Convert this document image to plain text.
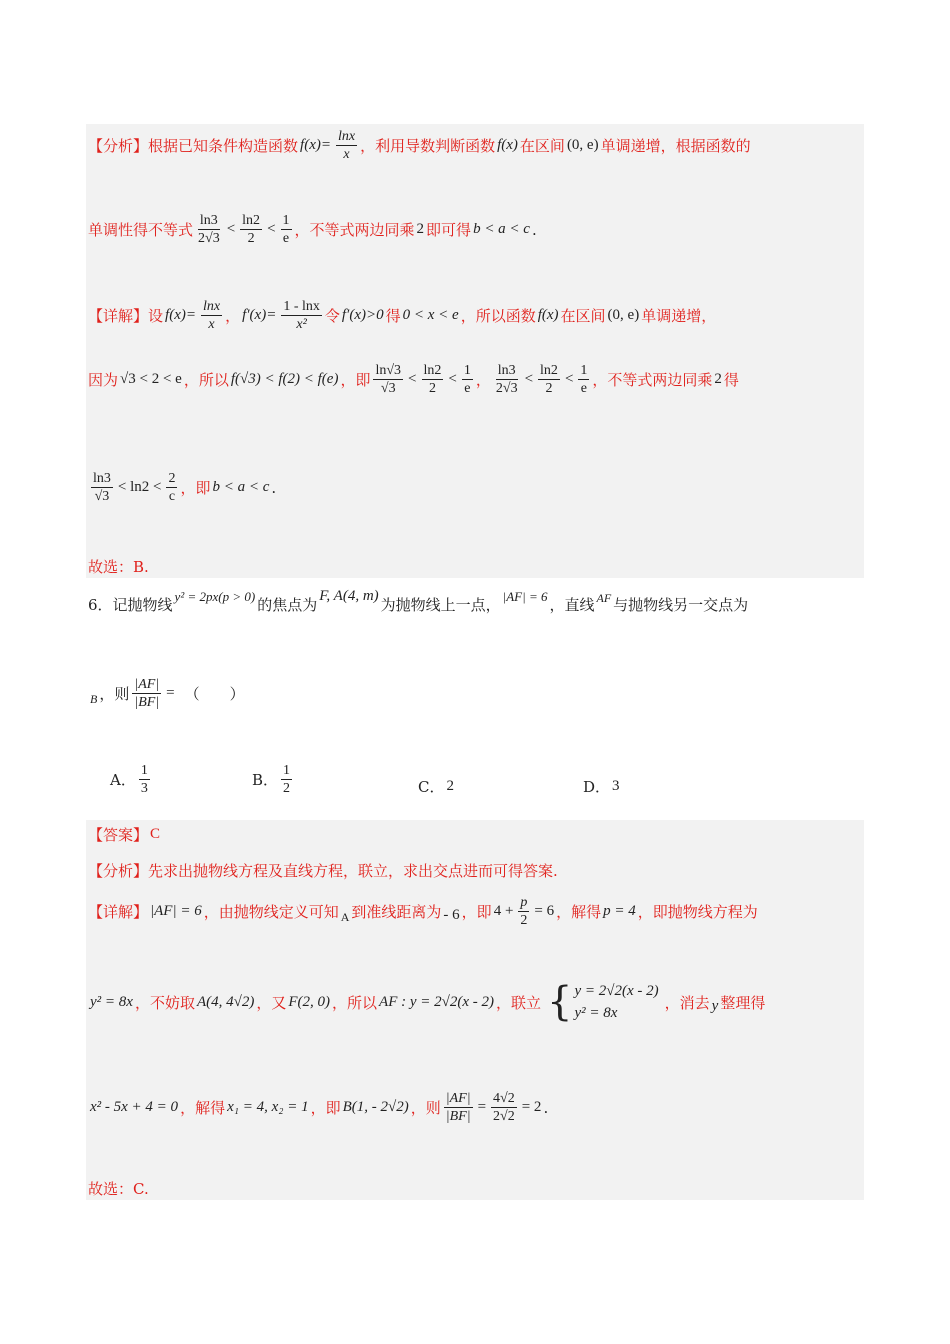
【分析】 根据已知条件构造函数 $f(x)= \frac{\ln x}{x}$ ，利用导数判断函数 f(x) 在区间 (0, e) 单调递增，根据函数的
单调性得不等式 $\frac{\ln 3}{2√3} < \frac{\ln 2}{2} < \frac{1}{e}$ ，不等式两边同乘 2 即可得 b < a < c .
【详解】 设 $f(x)= \frac{\ln x}{x}$ ， $f'(x)= \frac{1 - \ln x}{\text{x²}}$ 令 f′(x)>0 得 0 < x < e ，所以函数 f(x) 在区间 (0, e) 单调递增，
因为 √3 < 2 < e ，所以 f(√3) < f(2) < f(e) ，即 $\frac{\ln√3}{√3} < \frac{\ln 2}{2} < \frac{1}{e}$ ， $\frac{\ln 3}{2√3} < \frac{\ln 2}{2} < \frac{1}{e}$ ，不等式两边同乘 2 得
$\frac{\ln 3}{√3} < \ln 2 < \frac{2}{c}$ ，即 b < a < c .
故选：B.
6．记抛物线 y² = 2px(p > 0) 的焦点为 F, A(4, m) 为抛物线上一点， |AF| = 6 ，直线 AF 与抛物线另一交点为
B ，则 $\frac{|AF|}{|BF|}$ = （　　）
A． $\frac{1}{3}$	B． $\frac{1}{2}$	C． 2	D． 3
【答案】 C
【分析】 先求出抛物线方程及直线方程，联立，求出交点进而可得答案.
【详解】 |AF| = 6 ，由抛物线定义可知 A 到准线距离为 - 6 ，即 $4 + \frac{p}{2} = 6$ ，解得 p = 4 ，即抛物线方程为
y² = 8x ，不妨取 A(4, 4√2) ，又 F(2, 0) ，所以 AF : y = 2√2(x - 2) ，联立 { y = 2√2(x - 2)
y² = 8x
，消去 y 整理得
x² - 5x + 4 = 0 ，解得 x₁ = 4, x₂ = 1 ，即 B(1, - 2√2) ，则 $\frac{|AF|}{|BF|} = \frac{4√2}{2√2} = 2$ .
故选：C.
